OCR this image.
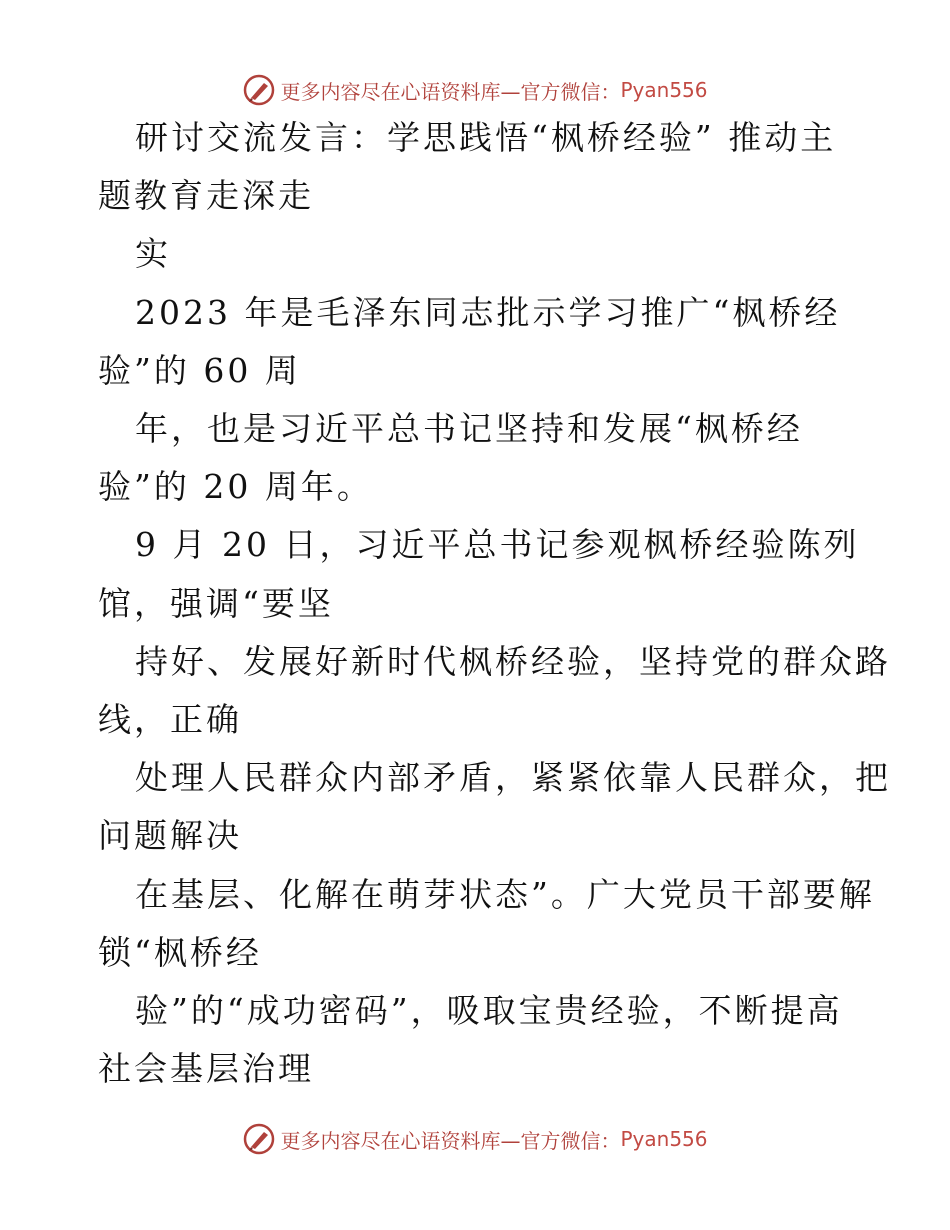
更多内容尽在心语资料库—官方微信： Pyan556
研讨交流发言：学思践悟“枫桥经验” 推动主
题教育走深走
实
2023 年是毛泽东同志批示学习推广“枫桥经
验”的 60 周
年，也是习近平总书记坚持和发展“枫桥经
验”的 20 周年。
9 月 20 日，习近平总书记参观枫桥经验陈列
馆，强调“要坚
持好、发展好新时代枫桥经验，坚持党的群众路
线，正确
处理人民群众内部矛盾，紧紧依靠人民群众，把
问题解决
在基层、化解在萌芽状态”。广大党员干部要解
锁“枫桥经
验”的“成功密码”，吸取宝贵经验，不断提高
社会基层治理
更多内容尽在心语资料库—官方微信： Pyan556
